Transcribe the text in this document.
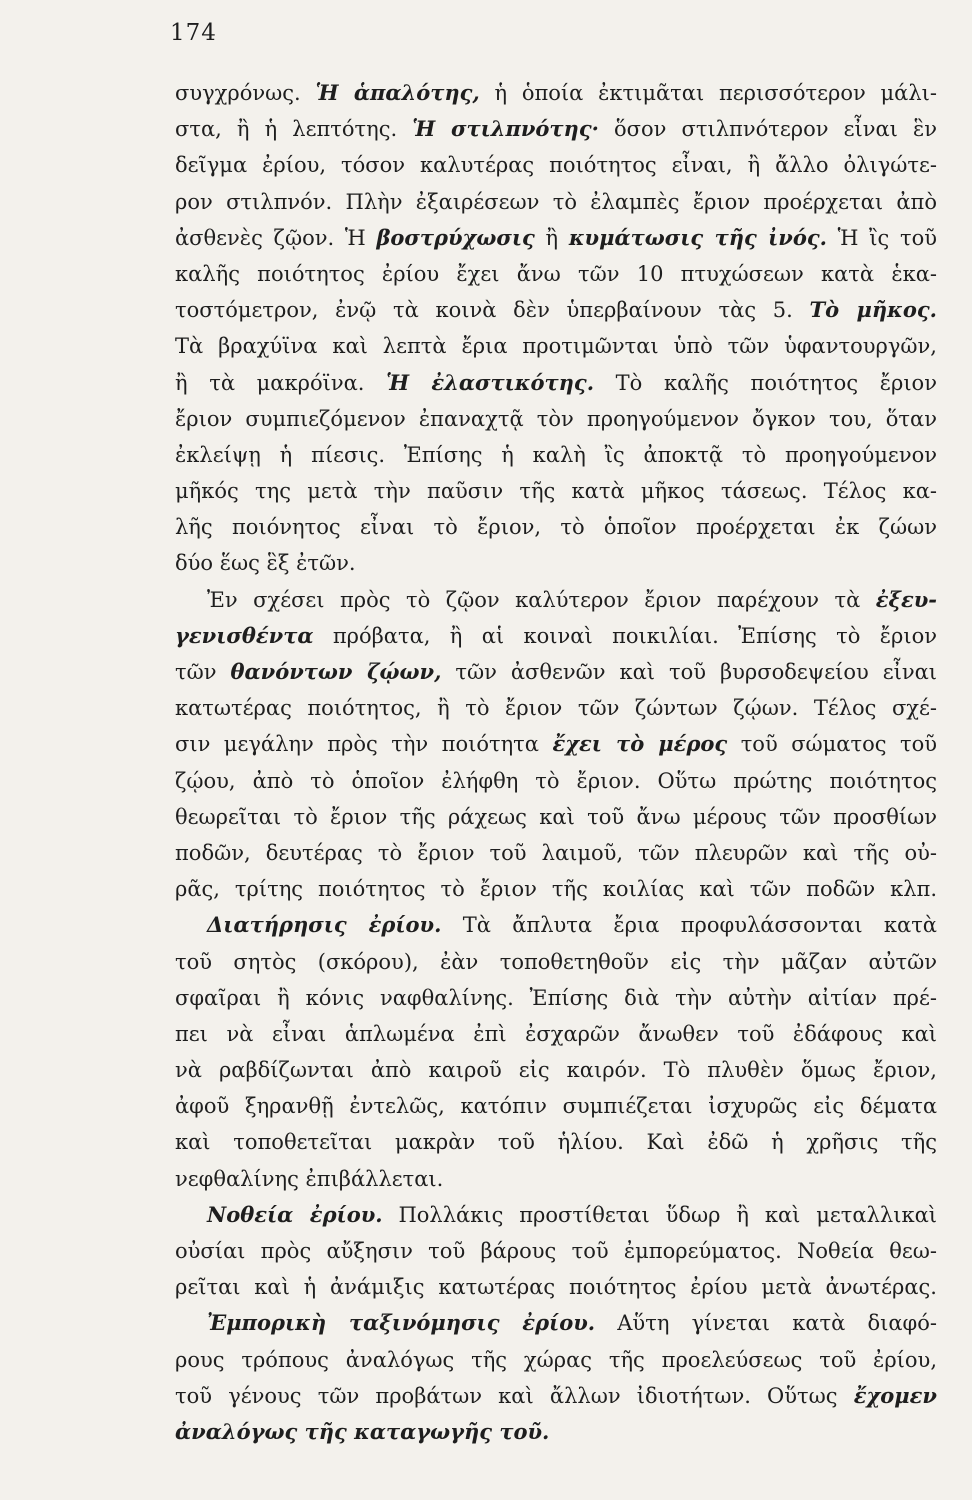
174
συγχρόνως. Ἡ ἁπαλότης, ἡ ὁποία ἐκτιμᾶται περισσότερον μάλι-
στα, ἢ ἡ λεπτότης. Ἡ στιλπνότης· ὅσον στιλπνότερον εἶναι ἓν
δεῖγμα ἐρίου, τόσον καλυτέρας ποιότητος εἶναι, ἢ ἄλλο ὀλιγώτε-
ρον στιλπνόν. Πλὴν ἐξαιρέσεων τὸ ἐλαμπὲς ἔριον προέρχεται ἀπὸ
ἀσθενὲς ζῷον. Ἡ βοστρύχωσις ἢ κυμάτωσις τῆς ἰνός. Ἡ ἲς τοῦ
καλῆς ποιότητος ἐρίου ἔχει ἄνω τῶν 10 πτυχώσεων κατὰ ἑκα-
τοστόμετρον, ἐνῷ τὰ κοινὰ δὲν ὑπερβαίνουν τὰς 5. Τὸ μῆκος.
Τὰ βραχύϊνα καὶ λεπτὰ ἔρια προτιμῶνται ὑπὸ τῶν ὑφαντουργῶν,
ἢ τὰ μακρόϊνα. Ἡ ἐλαστικότης. Τὸ καλῆς ποιότητος ἔριον
ἔριον συμπιεζόμενον ἐπαναχτᾷ τὸν προηγούμενον ὄγκον του, ὅταν
ἐκλείψῃ ἡ πίεσις. Ἐπίσης ἡ καλὴ ἲς ἀποκτᾷ τὸ προηγούμενον
μῆκός της μετὰ τὴν παῦσιν τῆς κατὰ μῆκος τάσεως. Τέλος κα-
λῆς ποιόνητος εἶναι τὸ ἔριον, τὸ ὁποῖον προέρχεται ἐκ ζώων
δύο ἕως ἓξ ἐτῶν.
Ἐν σχέσει πρὸς τὸ ζῷον καλύτερον ἔριον παρέχουν τὰ ἐξευ-
γενισθέντα πρόβατα, ἢ αἱ κοιναὶ ποικιλίαι. Ἐπίσης τὸ ἔριον
τῶν θανόντων ζῴων, τῶν ἀσθενῶν καὶ τοῦ βυρσοδεψείου εἶναι
κατωτέρας ποιότητος, ἢ τὸ ἔριον τῶν ζώντων ζῴων. Τέλος σχέ-
σιν μεγάλην πρὸς τὴν ποιότητα ἔχει τὸ μέρος τοῦ σώματος τοῦ
ζῴου, ἀπὸ τὸ ὁποῖον ἐλήφθη τὸ ἔριον. Οὕτω πρώτης ποιότητος
θεωρεῖται τὸ ἔριον τῆς ράχεως καὶ τοῦ ἄνω μέρους τῶν προσθίων
ποδῶν, δευτέρας τὸ ἔριον τοῦ λαιμοῦ, τῶν πλευρῶν καὶ τῆς οὐ-
ρᾶς, τρίτης ποιότητος τὸ ἔριον τῆς κοιλίας καὶ τῶν ποδῶν κλπ.
Διατήρησις ἐρίου. Τὰ ἄπλυτα ἔρια προφυλάσσονται κατὰ
τοῦ σητὸς (σκόρου), ἐὰν τοποθετηθοῦν εἰς τὴν μᾶζαν αὐτῶν
σφαῖραι ἢ κόνις ναφθαλίνης. Ἐπίσης διὰ τὴν αὐτὴν αἰτίαν πρέ-
πει νὰ εἶναι ἁπλωμένα ἐπὶ ἐσχαρῶν ἄνωθεν τοῦ ἐδάφους καὶ
νὰ ραβδίζωνται ἀπὸ καιροῦ εἰς καιρόν. Τὸ πλυθὲν ὅμως ἔριον,
ἀφοῦ ξηρανθῇ ἐντελῶς, κατόπιν συμπιέζεται ἰσχυρῶς εἰς δέματα
καὶ τοποθετεῖται μακρὰν τοῦ ἡλίου. Καὶ ἐδῶ ἡ χρῆσις τῆς
νεφθαλίνης ἐπιβάλλεται.
Νοθεία ἐρίου. Πολλάκις προστίθεται ὕδωρ ἢ καὶ μεταλλικαὶ
οὐσίαι πρὸς αὔξησιν τοῦ βάρους τοῦ ἐμπορεύματος. Νοθεία θεω-
ρεῖται καὶ ἡ ἀνάμιξις κατωτέρας ποιότητος ἐρίου μετὰ ἀνωτέρας.
Ἐμπορικὴ ταξινόμησις ἐρίου. Αὕτη γίνεται κατὰ διαφό-
ρους τρόπους ἀναλόγως τῆς χώρας τῆς προελεύσεως τοῦ ἐρίου,
τοῦ γένους τῶν προβάτων καὶ ἄλλων ἰδιοτήτων. Οὕτως ἔχομεν
ἀναλόγως τῆς καταγωγῆς τοῦ.
